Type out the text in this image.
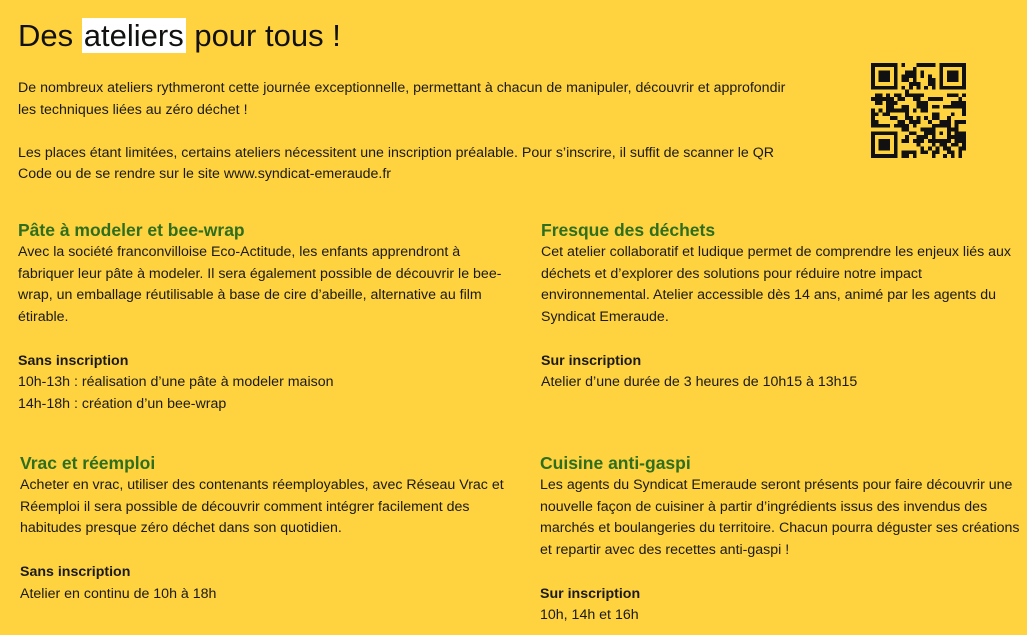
Des ateliers pour tous !

De nombreux ateliers rythmeront cette journée exceptionnelle, permettant à chacun de manipuler, découvrir et approfondir les techniques liées au zéro déchet !

Les places étant limitées, certains ateliers nécessitent une inscription préalable. Pour s’inscrire, il suffit de scanner le QR Code ou de se rendre sur le site www.syndicat-emeraude.fr

Pâte à modeler et bee-wrap

Avec la société franconvilloise Eco-Actitude, les enfants apprendront à fabriquer leur pâte à modeler. Il sera également possible de découvrir le bee-wrap, un emballage réutilisable à base de cire d’abeille, alternative au film étirable.

Sans inscription
10h-13h : réalisation d’une pâte à modeler maison
14h-18h : création d’un bee-wrap
Fresque des déchets

Cet atelier collaboratif et ludique permet de comprendre les enjeux liés aux déchets et d’explorer des solutions pour réduire notre impact environnemental. Atelier accessible dès 14 ans, animé par les agents du Syndicat Emeraude.

Sur inscription
Atelier d’une durée de 3 heures de 10h15 à 13h15
Vrac et réemploi

Acheter en vrac, utiliser des contenants réemployables, avec Réseau Vrac et Réemploi il sera possible de découvrir comment intégrer facilement des habitudes presque zéro déchet dans son quotidien.

Sans inscription
Atelier en continu de 10h à 18h
Cuisine anti-gaspi

Les agents du Syndicat Emeraude seront présents pour faire découvrir une nouvelle façon de cuisiner à partir d’ingrédients issus des invendus des marchés et boulangeries du territoire. Chacun pourra déguster ses créations et repartir avec des recettes anti-gaspi !

Sur inscription
10h, 14h et 16h
